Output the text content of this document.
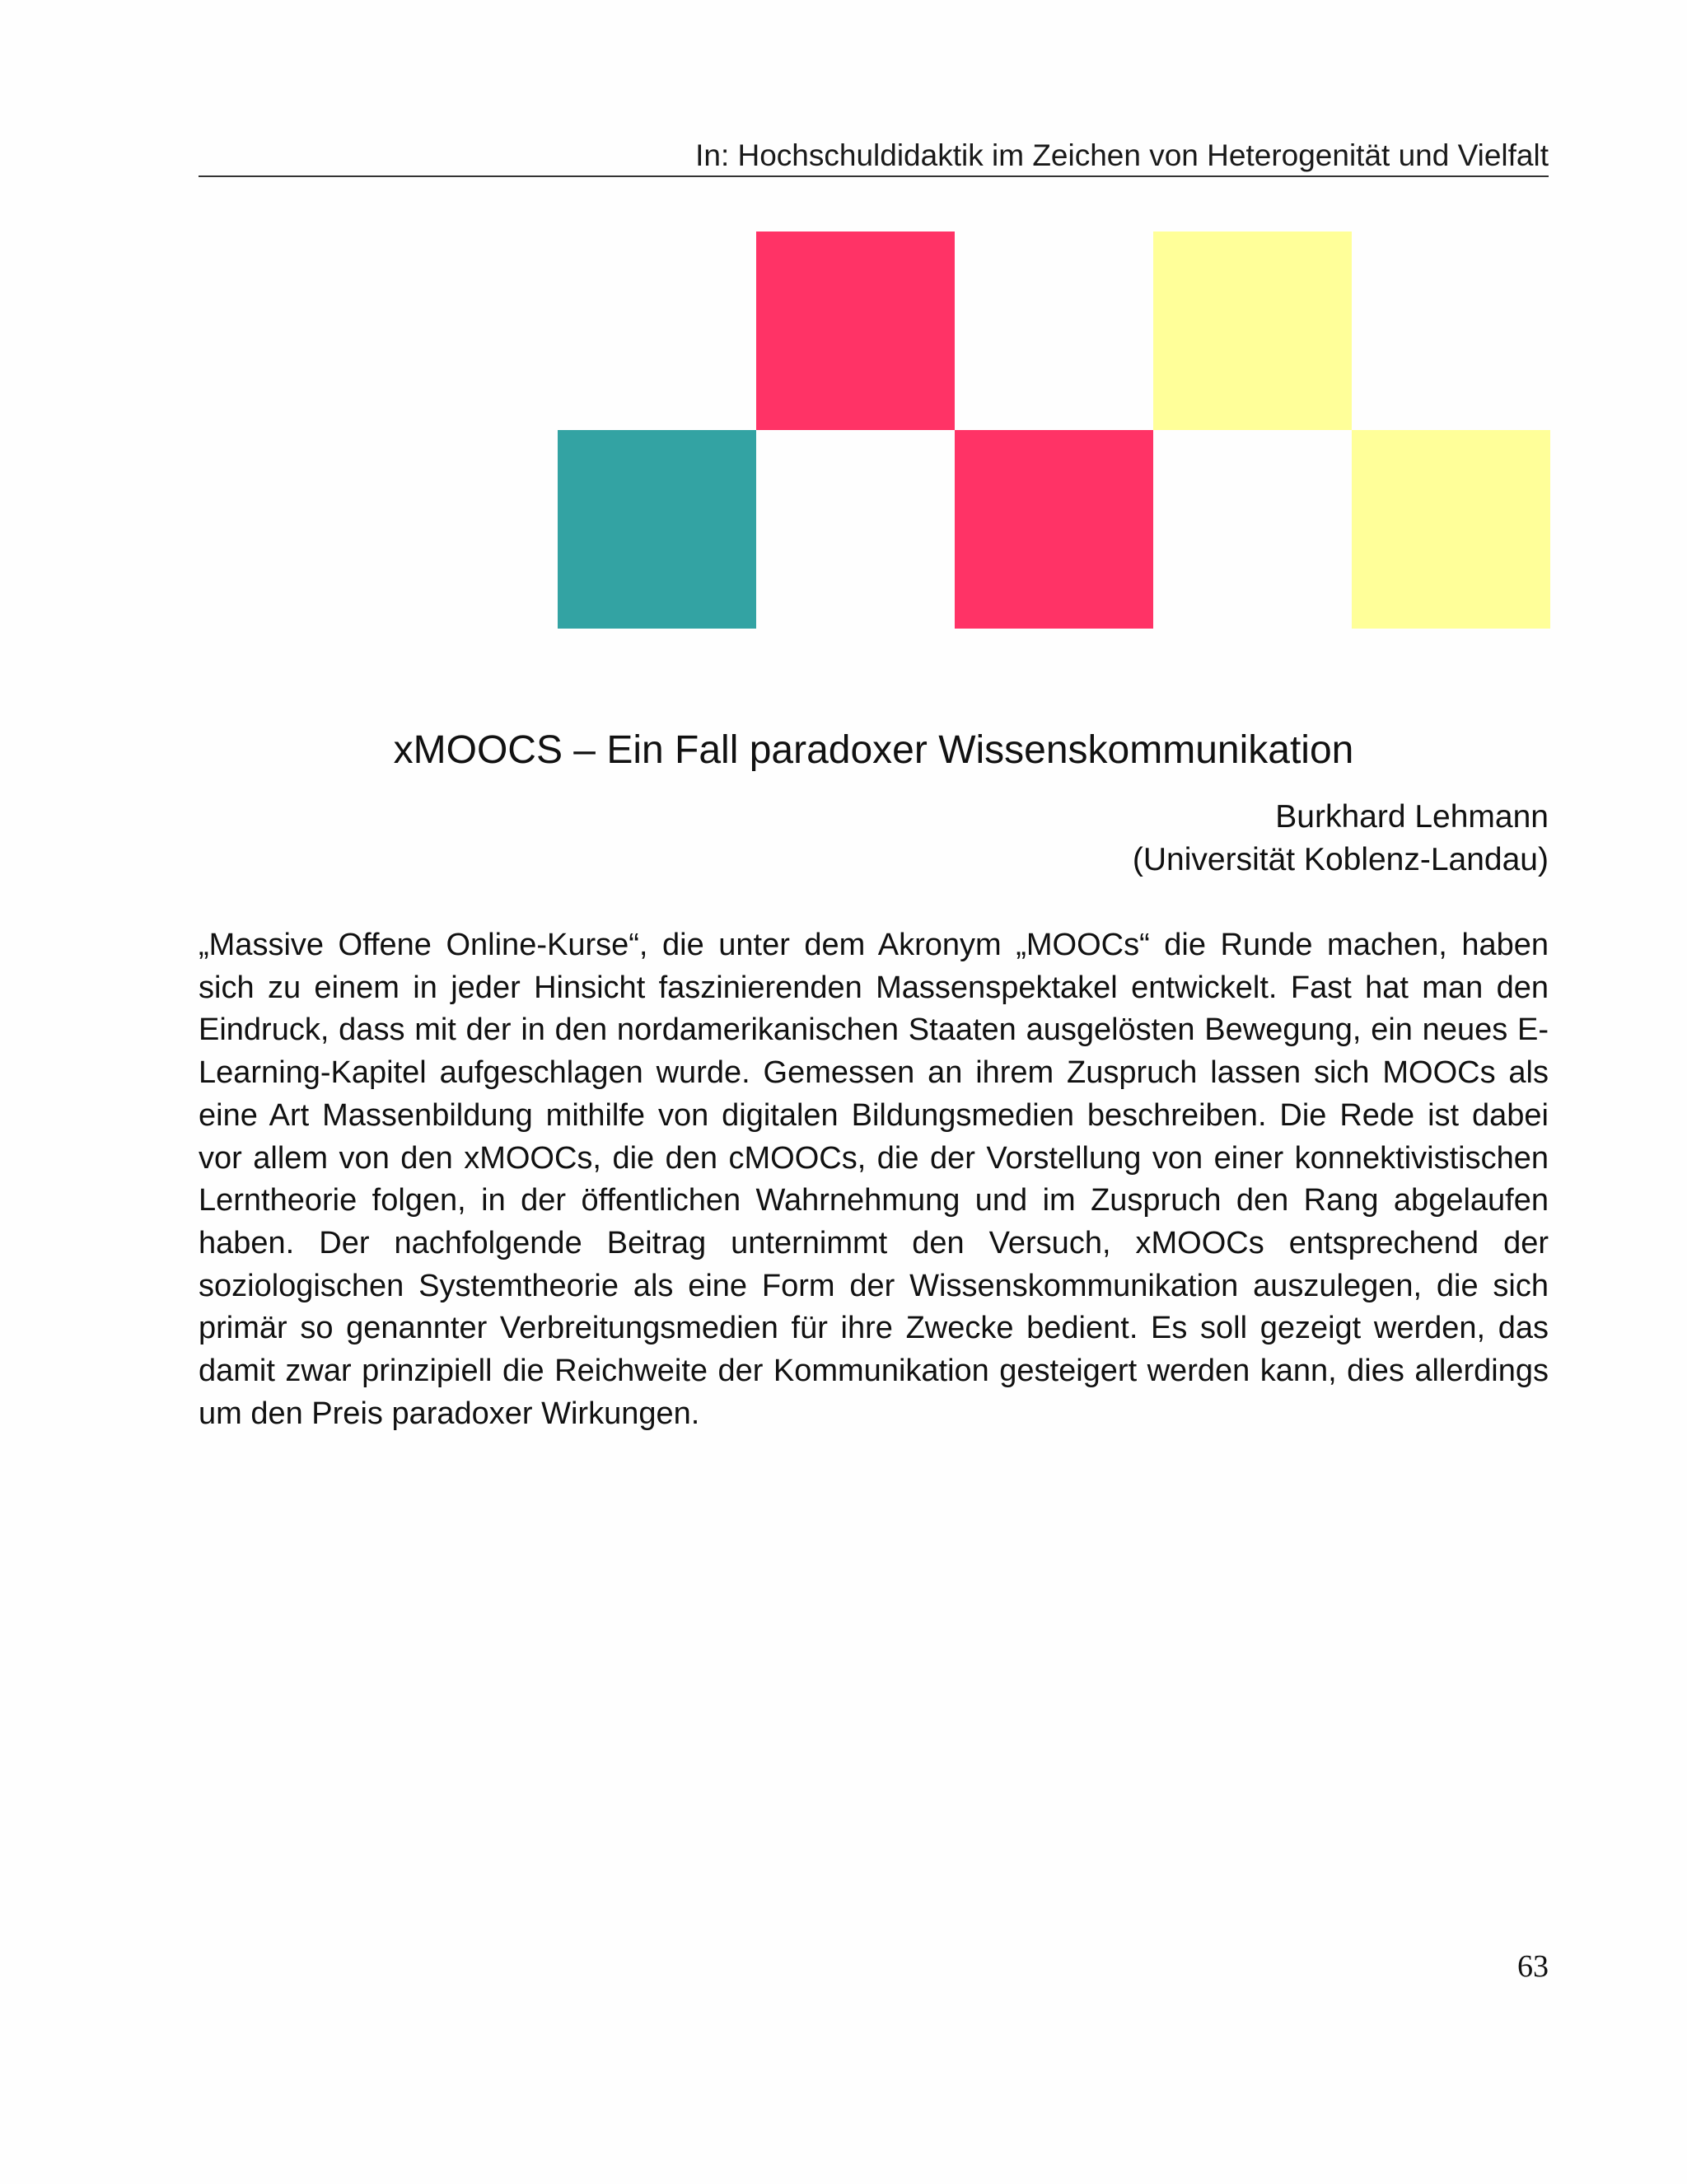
In: Hochschuldidaktik im Zeichen von Heterogenität und Vielfalt
xMOOCS – Ein Fall paradoxer Wissenskommunikation
Burkhard Lehmann
(Universität Koblenz-Landau)

„Massive Offene Online-Kurse“, die unter dem Akronym „MOOCs“ die Runde machen, haben sich zu einem in jeder Hinsicht faszinierenden Massenspektakel entwickelt. Fast hat man den Eindruck, dass mit der in den nordamerikanischen Staaten ausgelösten Bewegung, ein neues E-Learning-Kapitel aufgeschlagen wurde. Gemessen an ihrem Zuspruch lassen sich MOOCs als eine Art Massenbildung mithilfe von digitalen Bildungsmedien beschreiben. Die Rede ist dabei vor allem von den xMOOCs, die den cMOOCs, die der Vorstellung von einer konnektivistischen Lerntheorie folgen, in der öffentlichen Wahrnehmung und im Zuspruch den Rang abgelaufen haben. Der nachfolgende Beitrag unternimmt den Versuch, xMOOCs entsprechend der soziologischen Systemtheorie als eine Form der Wissenskommunikation auszulegen, die sich primär so genannter Verbreitungsmedien für ihre Zwecke bedient. Es soll gezeigt werden, das damit zwar prinzipiell die Reichweite der Kommunikation gesteigert werden kann, dies allerdings um den Preis paradoxer Wirkungen.

63
